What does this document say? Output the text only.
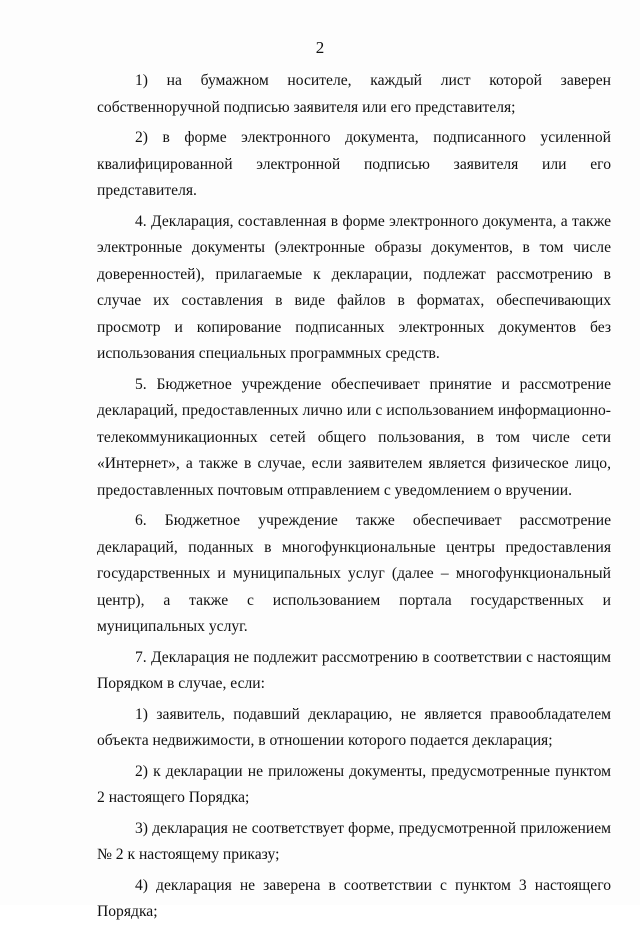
2

1) на бумажном носителе, каждый лист которой заверен собственноручной подписью заявителя или его представителя;

2) в форме электронного документа, подписанного усиленной квалифицированной электронной подписью заявителя или его представителя.

4. Декларация, составленная в форме электронного документа, а также электронные документы (электронные образы документов, в том числе доверенностей), прилагаемые к декларации, подлежат рассмотрению в случае их составления в виде файлов в форматах, обеспечивающих просмотр и копирование подписанных электронных документов без использования специальных программных средств.

5. Бюджетное учреждение обеспечивает принятие и рассмотрение деклараций, предоставленных лично или с использованием информационно-телекоммуникационных сетей общего пользования, в том числе сети «Интернет», а также в случае, если заявителем является физическое лицо, предоставленных почтовым отправлением с уведомлением о вручении.

6. Бюджетное учреждение также обеспечивает рассмотрение деклараций, поданных в многофункциональные центры предоставления государственных и муниципальных услуг (далее – многофункциональный центр), а также с использованием портала государственных и муниципальных услуг.

7. Декларация не подлежит рассмотрению в соответствии с настоящим Порядком в случае, если:

1) заявитель, подавший декларацию, не является правообладателем объекта недвижимости, в отношении которого подается декларация;

2) к декларации не приложены документы, предусмотренные пунктом 2 настоящего Порядка;

3) декларация не соответствует форме, предусмотренной приложением № 2 к настоящему приказу;

4) декларация не заверена в соответствии с пунктом 3 настоящего Порядка;
